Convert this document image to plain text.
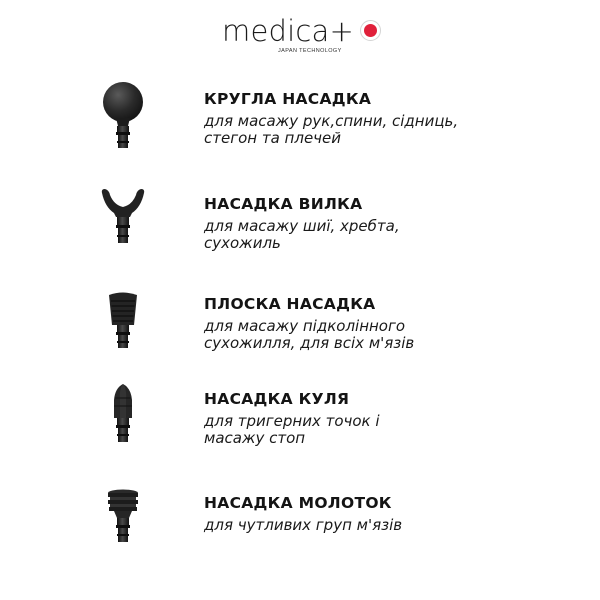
medica+
JAPAN TECHNOLOGY
КРУГЛА НАСАДКА
для масажу рук,спини, сідниць,
стегон та плечей
НАСАДКА ВИЛКА
для масажу шиї, хребта,
сухожиль
ПЛОСКА НАСАДКА
для масажу підколінного
сухожилля, для всіх м'язів
НАСАДКА КУЛЯ
для тригерних точок і
масажу стоп
НАСАДКА МОЛОТОК
для чутливих груп м'язів
